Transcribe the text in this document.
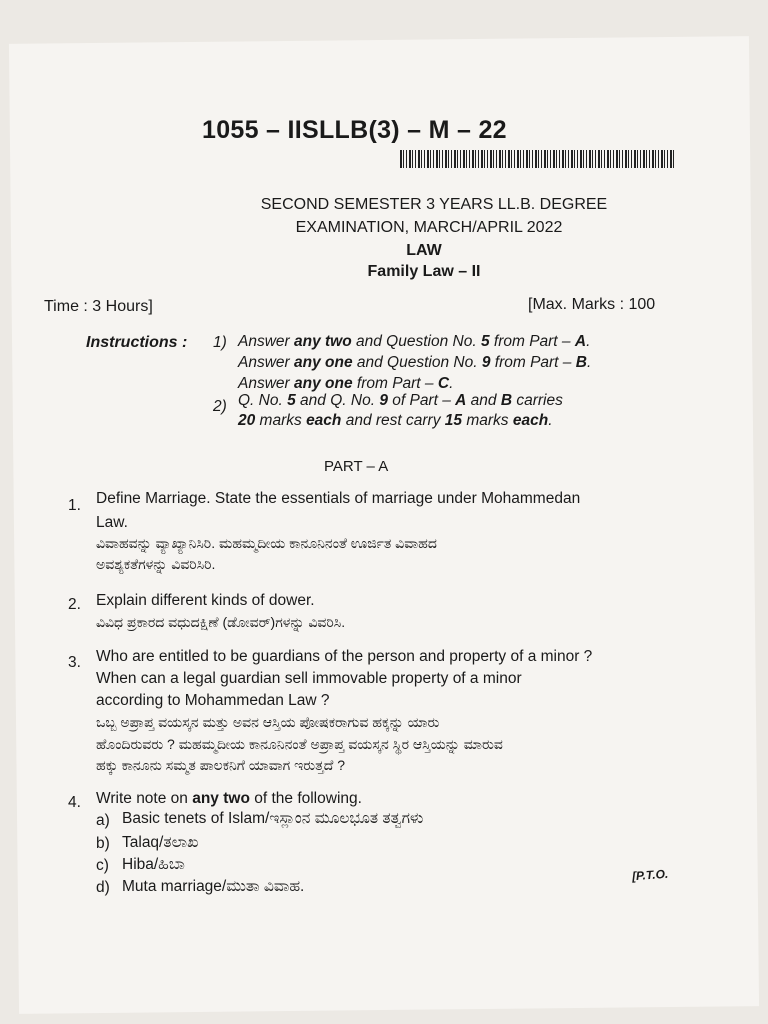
1055 – IISLLB(3) – M – 22
SECOND SEMESTER 3 YEARS LL.B. DEGREE
EXAMINATION, MARCH/APRIL 2022
LAW
Family Law – II
Time : 3 Hours]	[Max. Marks : 100
Instructions : 1) Answer any two and Question No. 5 from Part – A.
Answer any one and Question No. 9 from Part – B.
Answer any one from Part – C.
2) Q. No. 5 and Q. No. 9 of Part – A and B carries
20 marks each and rest carry 15 marks each.
PART – A
1. Define Marriage. State the essentials of marriage under Mohammedan
Law.
ವಿವಾಹವನ್ನು ವ್ಯಾಖ್ಯಾನಿಸಿರಿ. ಮಹಮ್ಮದೀಯ ಕಾನೂನಿನಂತೆ ಊರ್ಜಿತ ವಿವಾಹದ
ಅವಶ್ಯಕತೆಗಳನ್ನು ವಿವರಿಸಿರಿ.
2. Explain different kinds of dower.
ವಿವಿಧ ಪ್ರಕಾರದ ವಧುದಕ್ಷಿಣೆ (ಡೋವರ್)ಗಳನ್ನು ವಿವರಿಸಿ.
3. Who are entitled to be guardians of the person and property of a minor ?
When can a legal guardian sell immovable property of a minor
according to Mohammedan Law ?
ಒಬ್ಬ ಅಪ್ರಾಪ್ತ ವಯಸ್ಕನ ಮತ್ತು ಅವನ ಆಸ್ತಿಯ ಪೋಷಕರಾಗುವ ಹಕ್ಕನ್ನು ಯಾರು
ಹೊಂದಿರುವರು ? ಮಹಮ್ಮದೀಯ ಕಾನೂನಿನಂತೆ ಅಪ್ರಾಪ್ತ ವಯಸ್ಕನ ಸ್ಥಿರ ಆಸ್ತಿಯನ್ನು ಮಾರುವ
ಹಕ್ಕು ಕಾನೂನು ಸಮ್ಮತ ಪಾಲಕನಿಗೆ ಯಾವಾಗ ಇರುತ್ತದೆ ?
4. Write note on any two of the following.
a) Basic tenets of Islam/ಇಸ್ಲಾಂನ ಮೂಲಭೂತ ತತ್ವಗಳು
b) Talaq/ತಲಾಖ
c) Hiba/ಹಿಬಾ
d) Muta marriage/ಮುತಾ ವಿವಾಹ.
[P.T.O.
